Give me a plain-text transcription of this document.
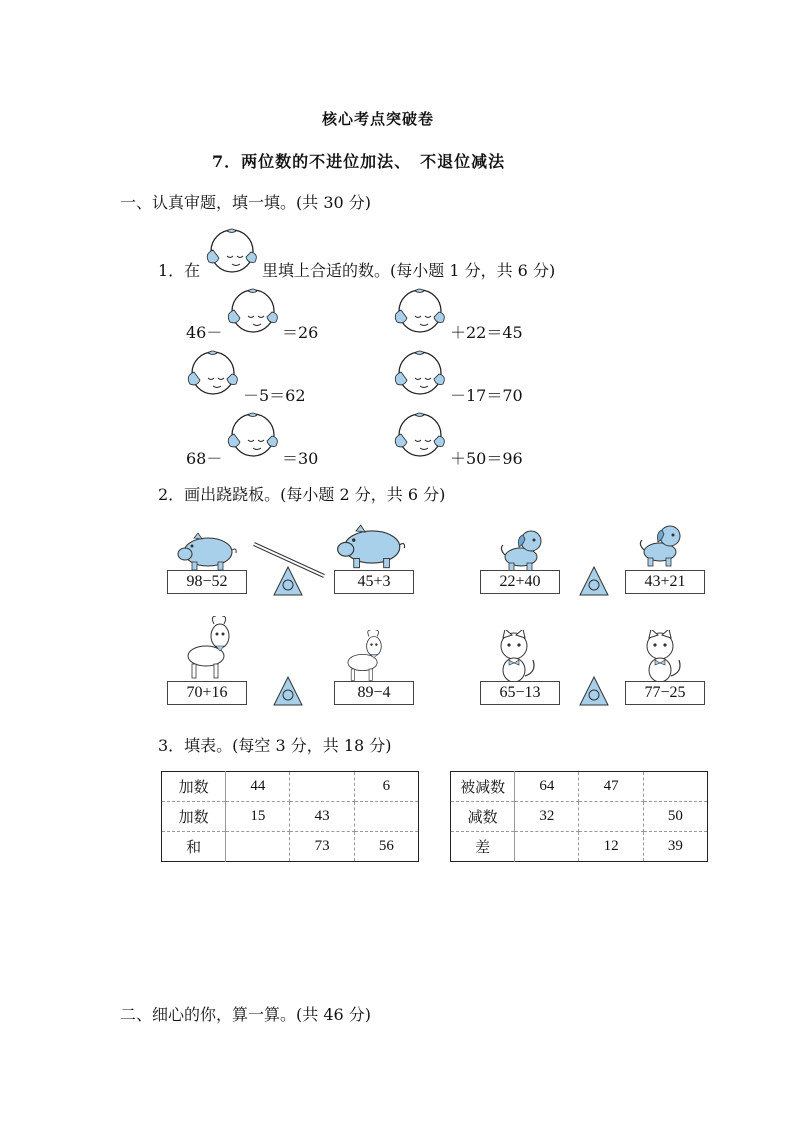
核心考点突破卷
7．两位数的不进位加法、　不退位减法
一、认真审题，填一填。(共 30 分)
1．在	里填上合适的数。(每小题 1 分，共 6 分)
46－	＝26	＋22＝45
－5＝62	－17＝70
68－	＝30	＋50＝96
2．画出跷跷板。(每小题 2 分，共 6 分)
98−52	45+3	22+40	43+21
70+16	89−4	65−13	77−25
3．填表。(每空 3 分，共 18 分)
加数	44		6
加数	15	43	
和		73	56
被减数	64	47	
减数	32		50
差		12	39
二、细心的你，算一算。(共 46 分)
